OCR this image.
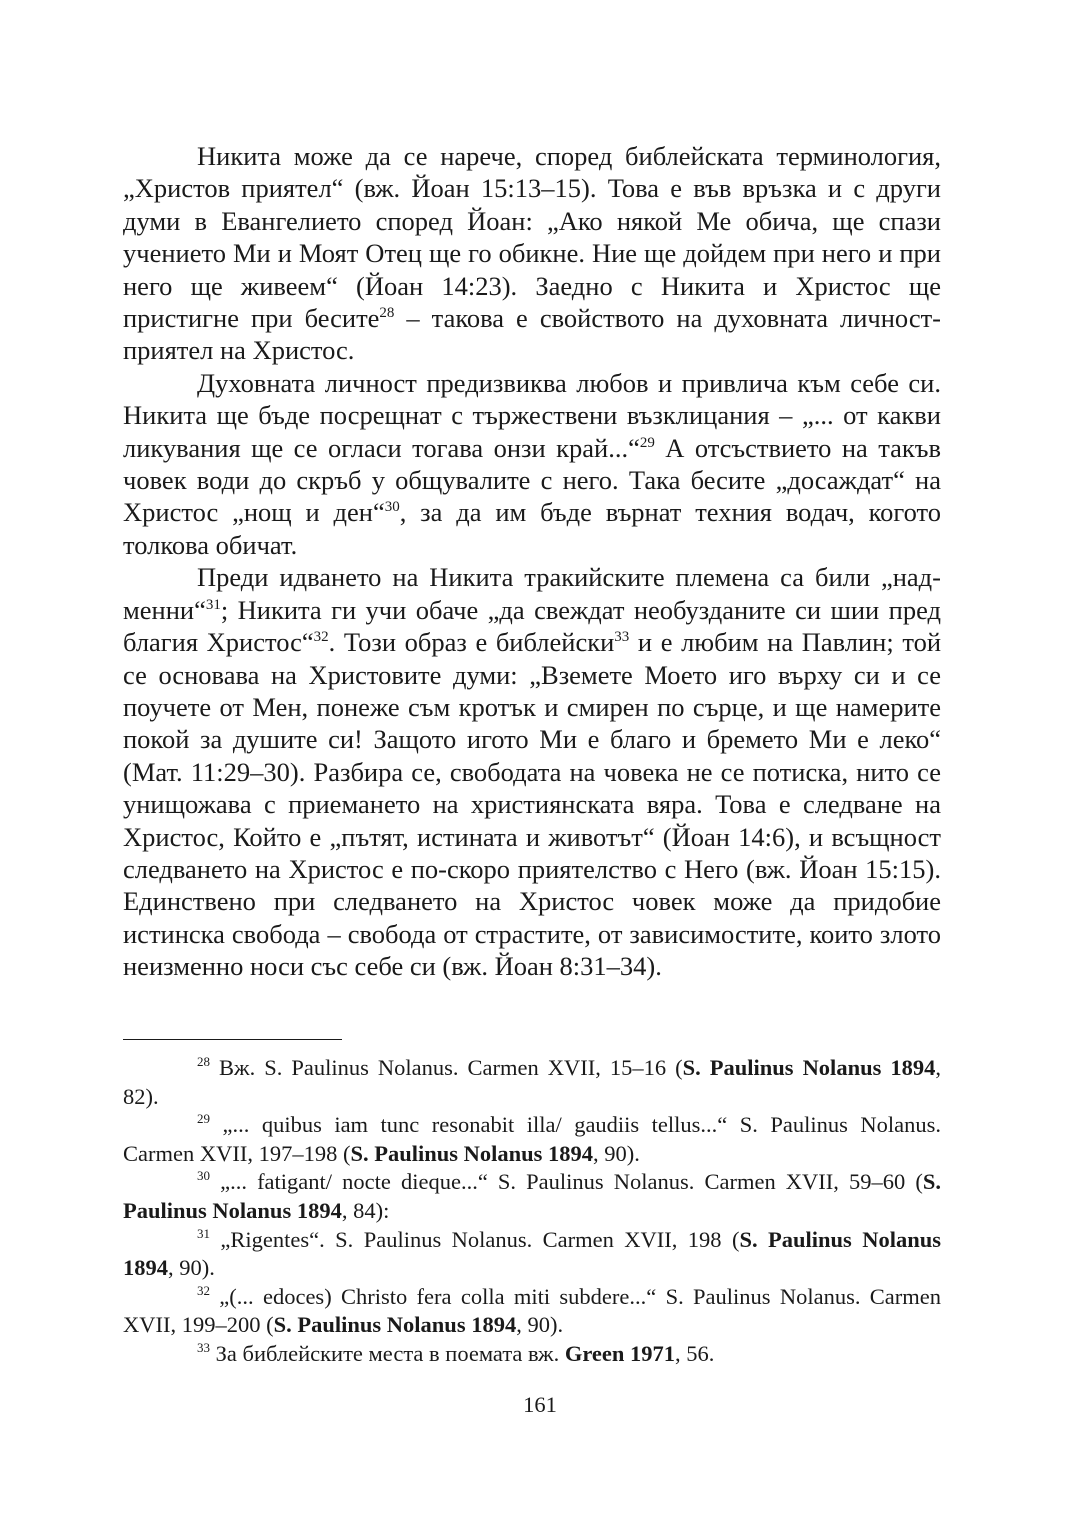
Никита може да се нарече, според библейската терминология, „Христов приятел“ (вж. Йоан 15:13–15). Това е във връзка и с други думи в Евангелието според Йоан: „Ако някой Ме обича, ще спази учението Ми и Моят Отец ще го обикне. Ние ще дойдем при него и при него ще живеем“ (Йоан 14:23). Заедно с Никита и Христос ще пристигне при бесите$^{28}$ – такова е свойството на духовната личност-приятел на Христос.

Духовната личност предизвиква любов и привлича към себе си. Никита ще бъде посрещнат с тържествени възклицания – „... от какви ликувания ще се огласи тогава онзи край...“$^{29}$ А отсъствието на такъв човек води до скръб у общувалите с него. Така бесите „досаждат“ на Христос „нощ и ден“$^{30}$, за да им бъде върнат техния водач, когото толкова обичат.

Преди идването на Никита тракийските племена са били „надменни“$^{31}$; Никита ги учи обаче „да свеждат необузданите си шии пред благия Христос“$^{32}$. Този образ е библейски$^{33}$ и е любим на Павлин; той се основава на Христовите думи: „Вземете Моето иго върху си и се поучете от Мен, понеже съм кротък и смирен по сърце, и ще намерите покой за душите си! Защото игото Ми е благо и бремето Ми е леко“ (Мат. 11:29–30). Разбира се, свободата на човека не се потиска, нито се унищожава с приемането на християнската вяра. Това е следване на Христос, Който е „пътят, истината и животът“ (Йоан 14:6), и всъщност следването на Христос е по-скоро приятелство с Него (вж. Йоан 15:15). Единствено при следването на Христос човек може да придобие истинска свобода – свобода от страстите, от зависимостите, които злото неизменно носи със себе си (вж. Йоан 8:31–34).

$^{28}$ Вж. S. Paulinus Nolanus. Carmen XVII, 15–16 (S. Paulinus Nolanus 1894, 82).

$^{29}$ „... quibus iam tunc resonabit illa/ gaudiis tellus...“ S. Paulinus Nolanus. Carmen XVII, 197–198 (S. Paulinus Nolanus 1894, 90).

$^{30}$ „... fatigant/ nocte dieque...“ S. Paulinus Nolanus. Carmen XVII, 59–60 (S. Paulinus Nolanus 1894, 84):

$^{31}$ „Rigentes“. S. Paulinus Nolanus. Carmen XVII, 198 (S. Paulinus Nolanus 1894, 90).

$^{32}$ „(... edoces) Christo fera colla miti subdere...“ S. Paulinus Nolanus. Carmen XVII, 199–200 (S. Paulinus Nolanus 1894, 90).

$^{33}$ За библейските места в поемата вж. Green 1971, 56.

161
